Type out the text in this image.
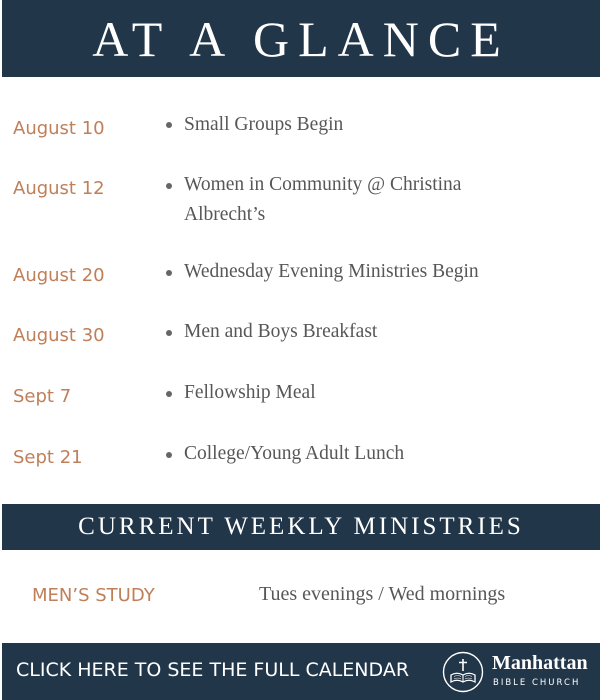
AT A GLANCE
August 10	Small Groups Begin
August 12	Women in Community @ Christina Albrecht’s
August 20	Wednesday Evening Ministries Begin
August 30	Men and Boys Breakfast
Sept 7	Fellowship Meal
Sept 21	College/Young Adult Lunch
CURRENT WEEKLY MINISTRIES
MEN’S STUDY	Tues evenings / Wed mornings
CLICK HERE TO SEE THE FULL CALENDAR	Manhattan
BIBLE CHURCH
